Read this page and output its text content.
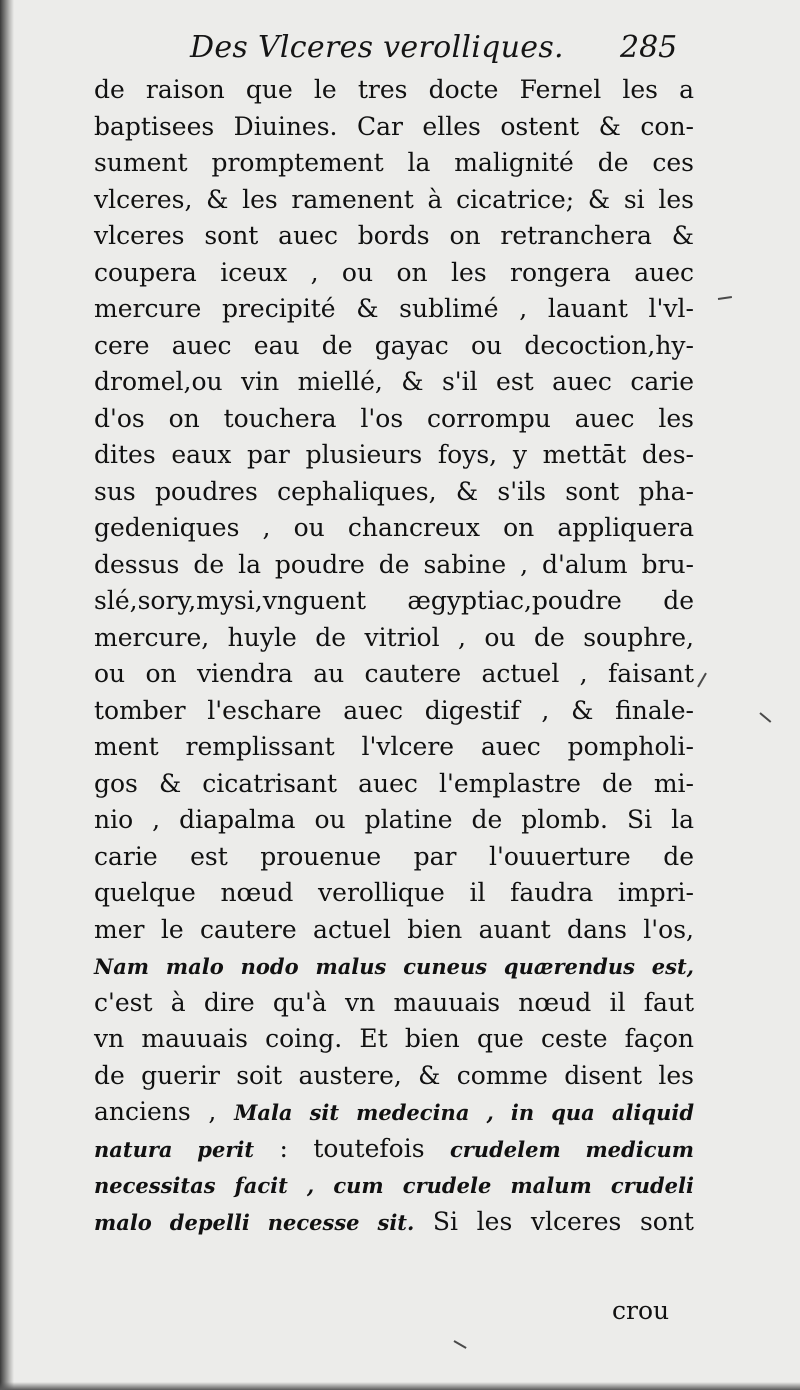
Des Vlceres verolliques. 285
de raison que le tres docte Fernel les a
baptisees Diuines. Car elles ostent & con-
sument promptement la malignité de ces
vlceres, & les ramenent à cicatrice; & si les
vlceres sont auec bords on retranchera &
coupera iceux , ou on les rongera auec
mercure precipité & sublimé , lauant l'vl-
cere auec eau de gayac ou decoction,hy-
dromel,ou vin miellé, & s'il est auec carie
d'os on touchera l'os corrompu auec les
dites eaux par plusieurs foys, y mettāt des-
sus poudres cephaliques, & s'ils sont pha-
gedeniques , ou chancreux on appliquera
dessus de la poudre de sabine , d'alum bru-
slé,sory,mysi,vnguent ægyptiac,poudre de
mercure, huyle de vitriol , ou de souphre,
ou on viendra au cautere actuel , faisant
tomber l'eschare auec digestif , & finale-
ment remplissant l'vlcere auec pompholi-
gos & cicatrisant auec l'emplastre de mi-
nio , diapalma ou platine de plomb. Si la
carie est prouenue par l'ouuerture de
quelque nœud verollique il faudra impri-
mer le cautere actuel bien auant dans l'os,
Nam malo nodo malus cuneus quærendus est,
c'est à dire qu'à vn mauuais nœud il faut
vn mauuais coing. Et bien que ceste façon
de guerir soit austere, & comme disent les
anciens , Mala sit medecina , in qua aliquid
natura perit : toutefois crudelem medicum
necessitas facit , cum crudele malum crudeli
malo depelli necesse sit. Si les vlceres sont
crou
